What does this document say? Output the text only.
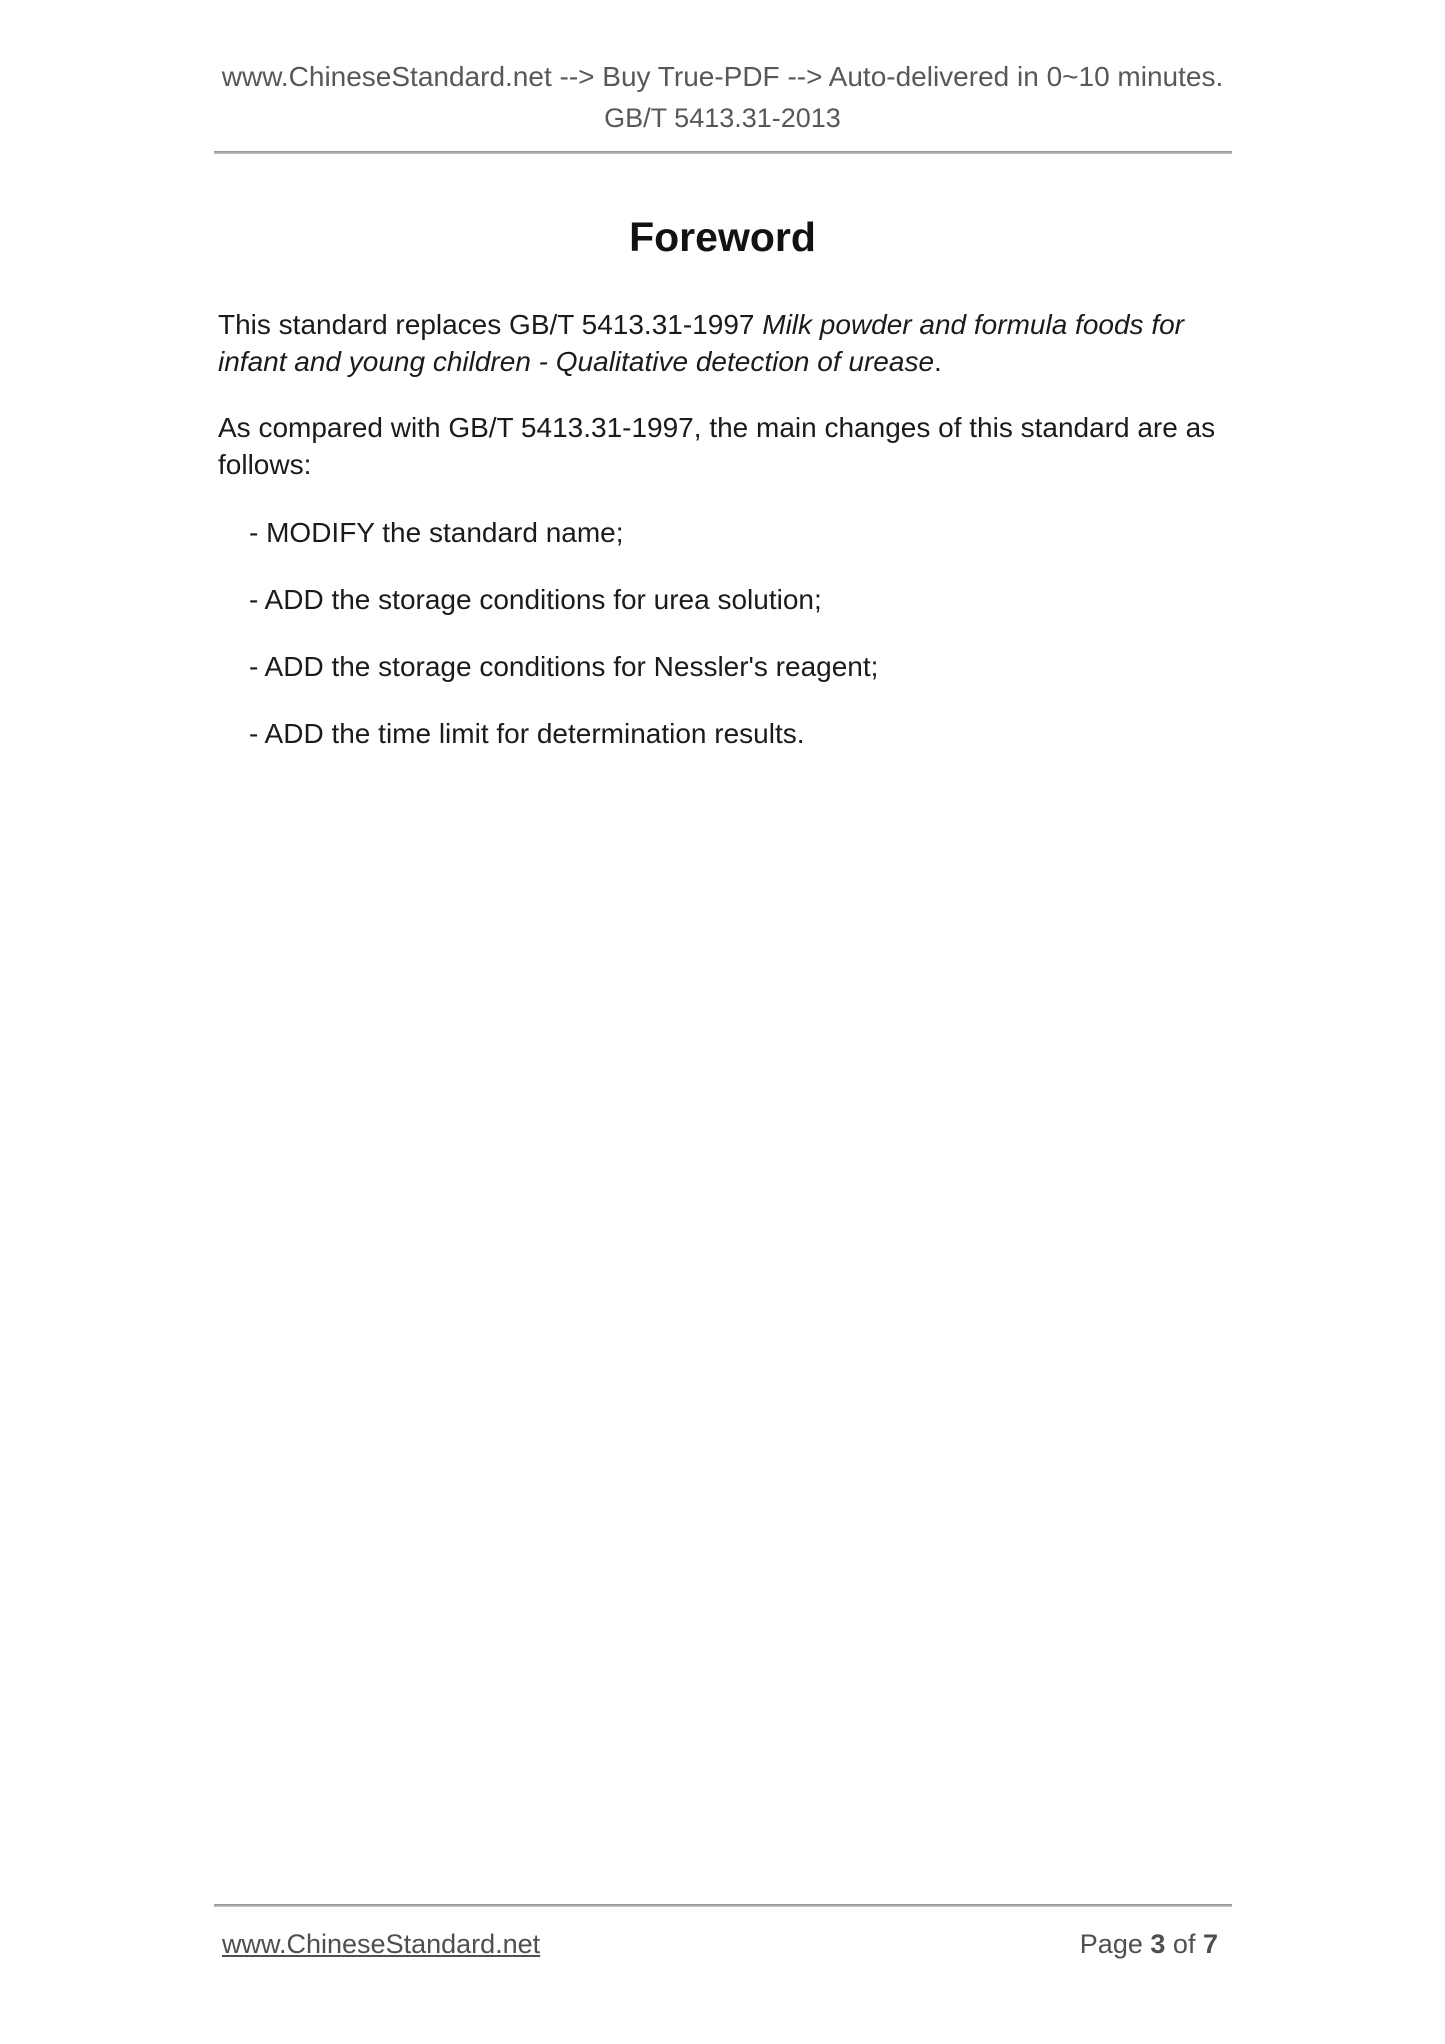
www.ChineseStandard.net --> Buy True-PDF --> Auto-delivered in 0~10 minutes.
GB/T 5413.31-2013
Foreword

This standard replaces GB/T 5413.31-1997 Milk powder and formula foods for infant and young children - Qualitative detection of urease.

As compared with GB/T 5413.31-1997, the main changes of this standard are as follows:

- MODIFY the standard name;
- ADD the storage conditions for urea solution;
- ADD the storage conditions for Nessler's reagent;
- ADD the time limit for determination results.
www.ChineseStandard.net	Page 3 of 7
